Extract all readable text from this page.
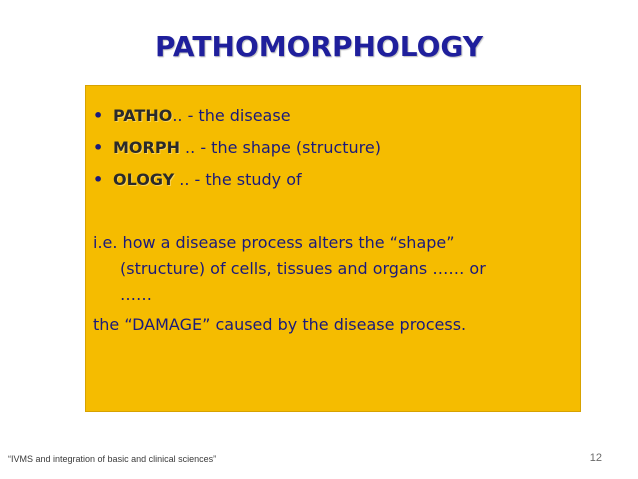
PATHOMORPHOLOGY
• PATHO.. - the disease
• MORPH .. - the shape (structure)
• OLOGY .. - the study of

i.e. how a disease process alters the “shape”

(structure) of cells, tissues and organs …… or

……

the “DAMAGE” caused by the disease process.

“IVMS and integration of basic and clinical sciences”	12
